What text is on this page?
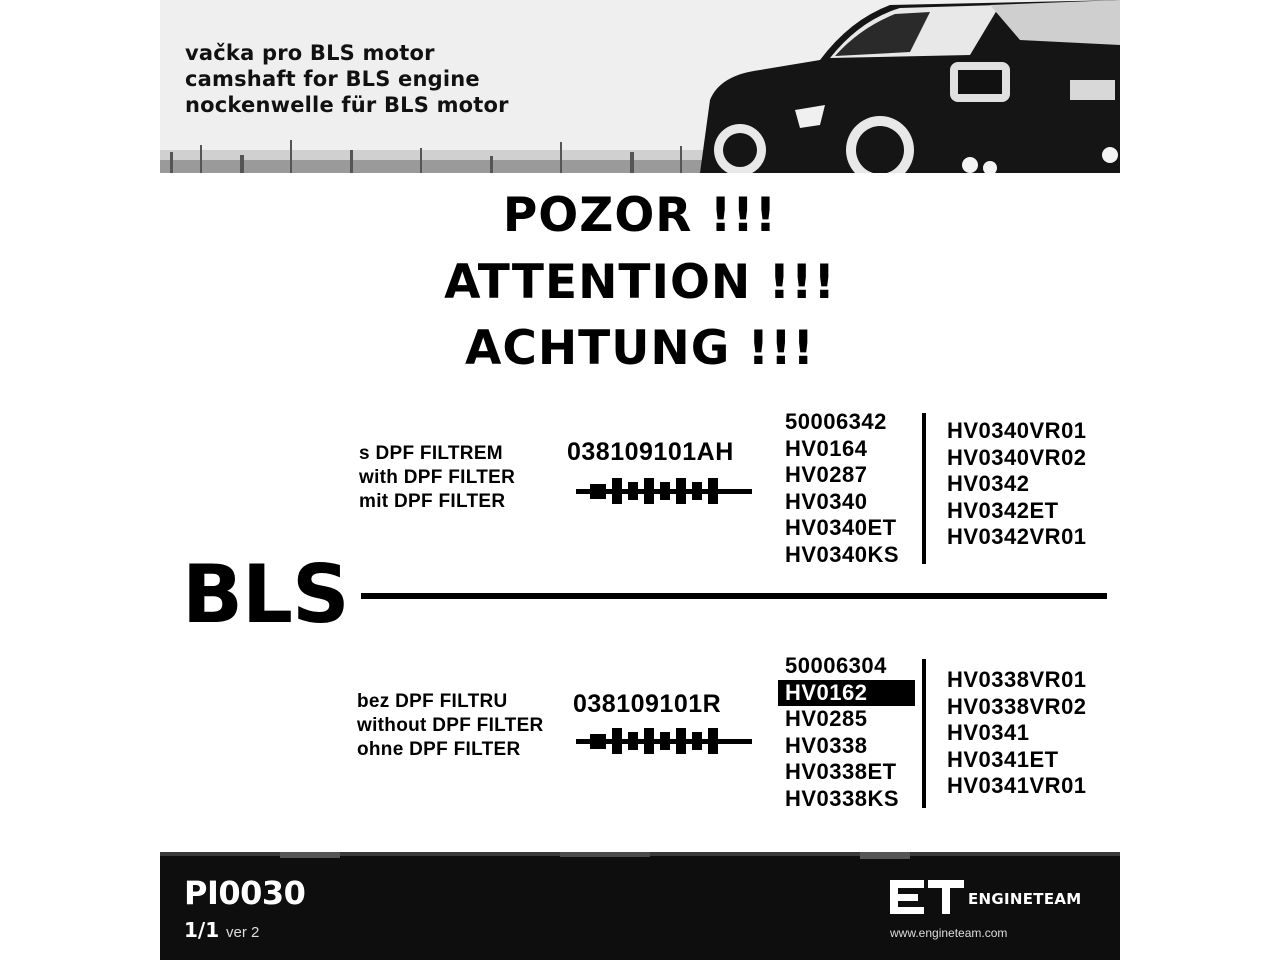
vačka pro BLS motor
camshaft for BLS engine
nockenwelle für BLS motor
POZOR !!!
ATTENTION !!!
ACHTUNG !!!
s DPF FILTREM
with DPF FILTER
mit DPF FILTER
038109101AH
50006342
HV0164
HV0287
HV0340
HV0340ET
HV0340KS
HV0340VR01
HV0340VR02
HV0342
HV0342ET
HV0342VR01
BLS
bez DPF FILTRU
without DPF FILTER
ohne DPF FILTER
038109101R
50006304
HV0162
HV0285
HV0338
HV0338ET
HV0338KS
HV0338VR01
HV0338VR02
HV0341
HV0341ET
HV0341VR01
PI0030
1/1 ver 2
ENGINETEAM
www.engineteam.com
